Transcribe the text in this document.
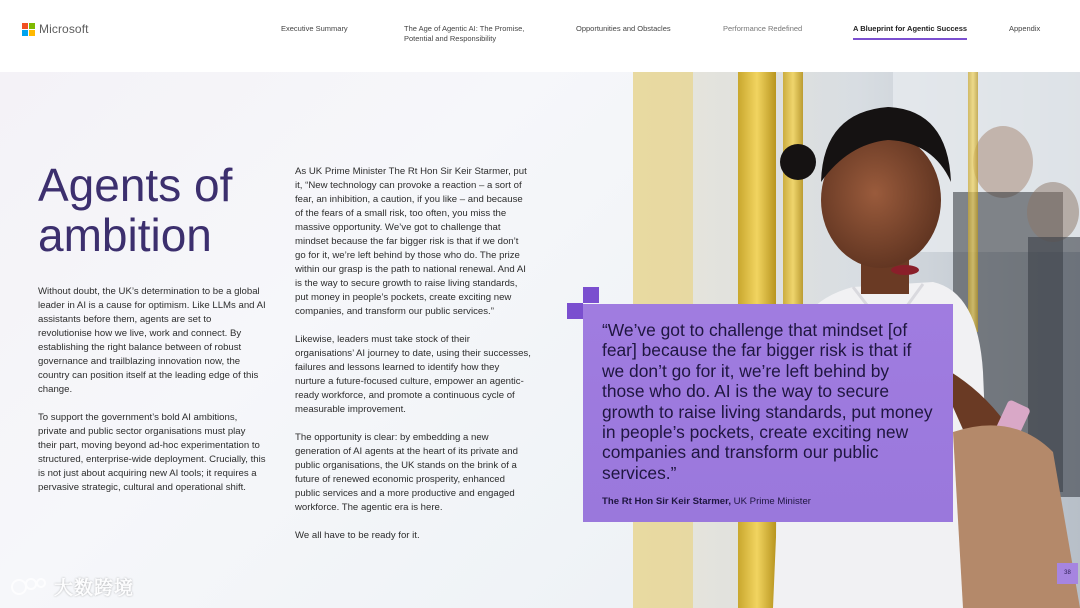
Microsoft	Executive Summary	The Age of Agentic AI: The Promise, Potential and Responsibility
Opportunities and Obstacles	Performance Redefined	A Blueprint for Agentic Success	Appendix
Agents of ambition

Without doubt, the UK’s determination to be a global leader in AI is a cause for optimism. Like LLMs and AI assistants before them, agents are set to revolutionise how we live, work and connect. By establishing the right balance between of robust governance and trailblazing innovation now, the country can position itself at the leading edge of this change.

To support the government’s bold AI ambitions, private and public sector organisations must play their part, moving beyond ad-hoc experimentation to structured, enterprise-wide deployment. Crucially, this is not just about acquiring new AI tools; it requires a pervasive strategic, cultural and operational shift.

As UK Prime Minister The Rt Hon Sir Keir Starmer, put it, “New technology can provoke a reaction – a sort of fear, an inhibition, a caution, if you like – and because of the fears of a small risk, too often, you miss the massive opportunity. We’ve got to challenge that mindset because the far bigger risk is that if we don’t go for it, we’re left behind by those who do. The prize within our grasp is the path to national renewal. And AI is the way to secure growth to raise living standards, put money in people’s pockets, create exciting new companies, and transform our public services.”

Likewise, leaders must take stock of their organisations’ AI journey to date, using their successes, failures and lessons learned to identify how they nurture a future-focused culture, empower an agentic-ready workforce, and promote a continuous cycle of measurable improvement.

The opportunity is clear: by embedding a new generation of AI agents at the heart of its private and public organisations, the UK stands on the brink of a future of renewed economic prosperity, enhanced public services and a more productive and engaged workforce. The agentic era is here.

We all have to be ready for it.

“We’ve got to challenge that mindset [of fear] because the far bigger risk is that if we don’t go for it, we’re left behind by those who do. AI is the way to secure growth to raise living standards, put money in people’s pockets, create exciting new companies and transform our public services.”

The Rt Hon Sir Keir Starmer, UK Prime Minister
38
大数跨境
